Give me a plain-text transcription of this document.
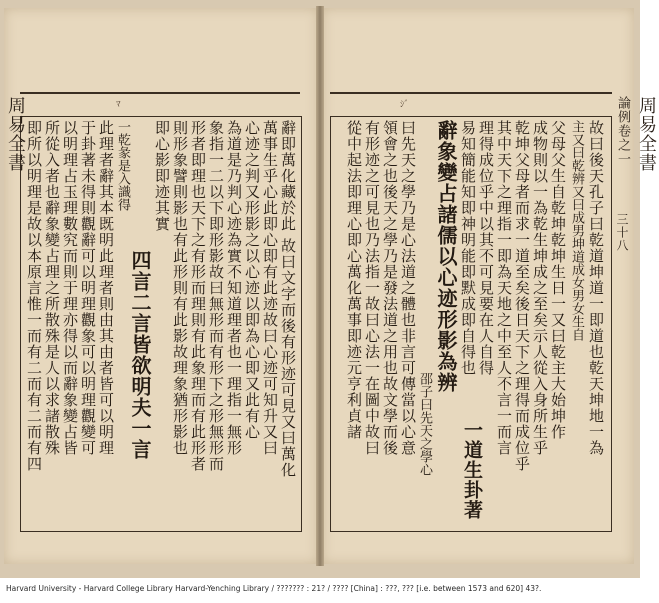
ﾏ	ｼﾞ
周易全書	周易全書
論例卷之一 三十八
故曰後天孔子曰乾道坤道一即道也乾天坤地一為
主又曰乾辨又曰成男坤道成女男女生自
父母父生自乾坤乾坤生日一又曰乾主大始坤作
成物則以一為乾生坤成之至矣示人從入身所生乎
乾坤父母者而求一道至矣後日天下之理得而成位乎
其中天下之理指一即為天地之中至人不言一而言
理得成位乎中以其不可見要在人自得
易知簡能知即神明能即默成即自得也
辭象變占諸儒以心迹形影為辨
邵子曰先天之學心
曰先天之學乃是心法道之體也非言可傳當以心意
領會之也後天之學乃是發法道之用也故文學而後
有形迹之可見也乃法指一故曰心法一在圖中故曰
從中起法即理心即心萬化萬事即迹元亨利貞諸
一道生卦著
辭即萬化藏於此 故曰文字而後有形迹可見又曰萬化
萬事生乎心此即心即有此迹故曰心迹可知升又曰
心迹之判又形影之以心迹以即為心即又此有心
為道是乃判心迹為實不知道理者也一理指一無形
象指一二以下即形影故曰無形而有形下之形無形而
形者即理也天下之有形而理則有此象理而有此形者
則形象譬則影也有此形則有此影故理象猶形影也
即心影即迹其實
四言二言皆欲明夫一言
一乾彖是入識得
此理者辭其本既明此理者則由其由者皆可以明理
于卦著未得則觀辭可以明理觀象可以明理觀變可
以明理占玉理數究而則于理亦得以而辭象變占皆
所從入者也辭象變占理之所散殊是人以求諸散殊
即所以明理是故以本原言惟一而有二而有二而有四
Harvard University - Harvard College Library Harvard-Yenching Library / ??????? : 21? / ???? [China] : ???, ??? [i.e. between 1573 and 620] 43?.
